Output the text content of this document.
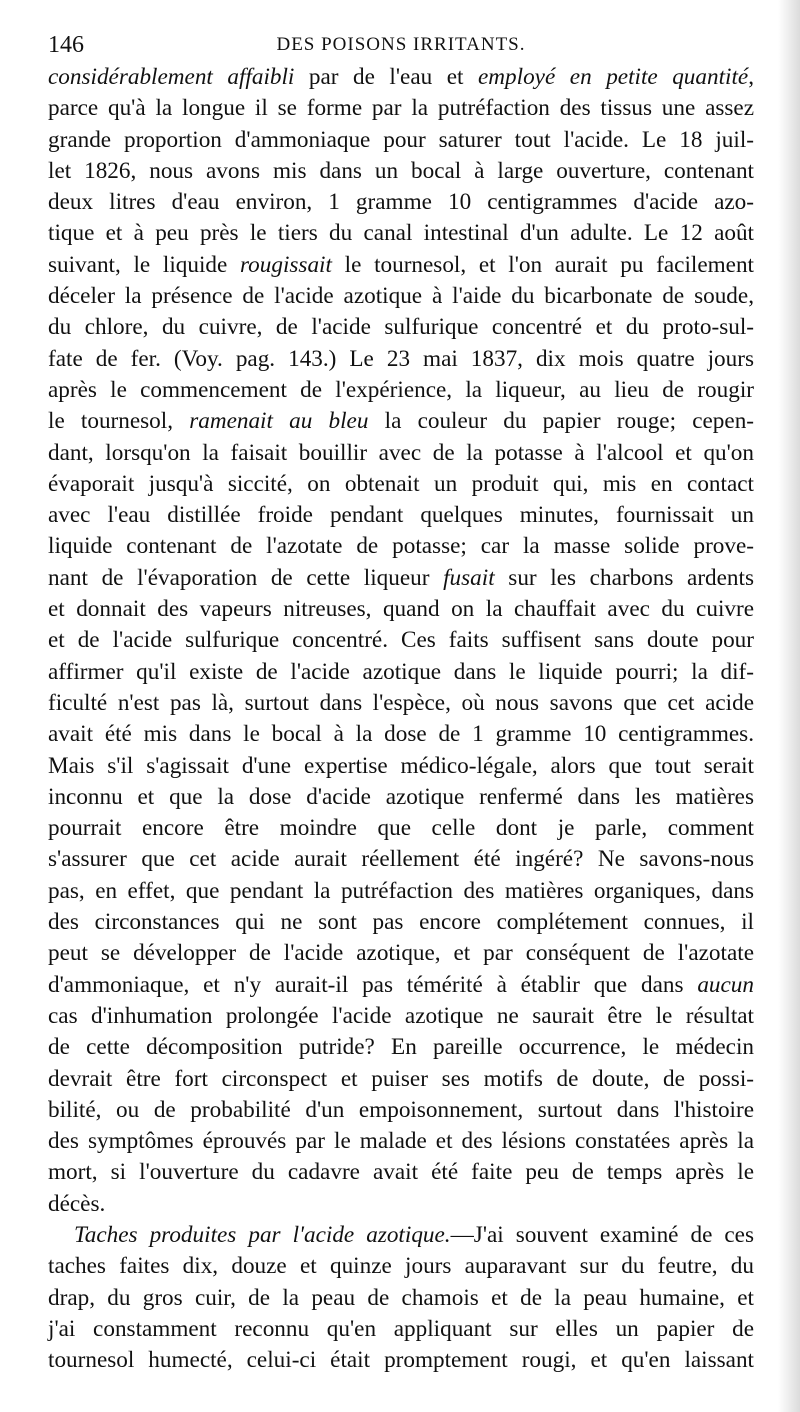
146	DES POISONS IRRITANTS.

considérablement affaibli par de l'eau et employé en petite quantité,

parce qu'à la longue il se forme par la putréfaction des tissus une assez

grande proportion d'ammoniaque pour saturer tout l'acide. Le 18 juil-

let 1826, nous avons mis dans un bocal à large ouverture, contenant

deux litres d'eau environ, 1 gramme 10 centigrammes d'acide azo-

tique et à peu près le tiers du canal intestinal d'un adulte. Le 12 août

suivant, le liquide rougissait le tournesol, et l'on aurait pu facilement

déceler la présence de l'acide azotique à l'aide du bicarbonate de soude,

du chlore, du cuivre, de l'acide sulfurique concentré et du proto-sul-

fate de fer. (Voy. pag. 143.) Le 23 mai 1837, dix mois quatre jours

après le commencement de l'expérience, la liqueur, au lieu de rougir

le tournesol, ramenait au bleu la couleur du papier rouge; cepen-

dant, lorsqu'on la faisait bouillir avec de la potasse à l'alcool et qu'on

évaporait jusqu'à siccité, on obtenait un produit qui, mis en contact

avec l'eau distillée froide pendant quelques minutes, fournissait un

liquide contenant de l'azotate de potasse; car la masse solide prove-

nant de l'évaporation de cette liqueur fusait sur les charbons ardents

et donnait des vapeurs nitreuses, quand on la chauffait avec du cuivre

et de l'acide sulfurique concentré. Ces faits suffisent sans doute pour

affirmer qu'il existe de l'acide azotique dans le liquide pourri; la dif-

ficulté n'est pas là, surtout dans l'espèce, où nous savons que cet acide

avait été mis dans le bocal à la dose de 1 gramme 10 centigrammes.

Mais s'il s'agissait d'une expertise médico-légale, alors que tout serait

inconnu et que la dose d'acide azotique renfermé dans les matières

pourrait encore être moindre que celle dont je parle, comment

s'assurer que cet acide aurait réellement été ingéré? Ne savons-nous

pas, en effet, que pendant la putréfaction des matières organiques, dans

des circonstances qui ne sont pas encore complétement connues, il

peut se développer de l'acide azotique, et par conséquent de l'azotate

d'ammoniaque, et n'y aurait-il pas témérité à établir que dans aucun

cas d'inhumation prolongée l'acide azotique ne saurait être le résultat

de cette décomposition putride? En pareille occurrence, le médecin

devrait être fort circonspect et puiser ses motifs de doute, de possi-

bilité, ou de probabilité d'un empoisonnement, surtout dans l'histoire

des symptômes éprouvés par le malade et des lésions constatées après la

mort, si l'ouverture du cadavre avait été faite peu de temps après le

décès.

Taches produites par l'acide azotique.—J'ai souvent examiné de ces

taches faites dix, douze et quinze jours auparavant sur du feutre, du

drap, du gros cuir, de la peau de chamois et de la peau humaine, et

j'ai constamment reconnu qu'en appliquant sur elles un papier de

tournesol humecté, celui-ci était promptement rougi, et qu'en laissant
